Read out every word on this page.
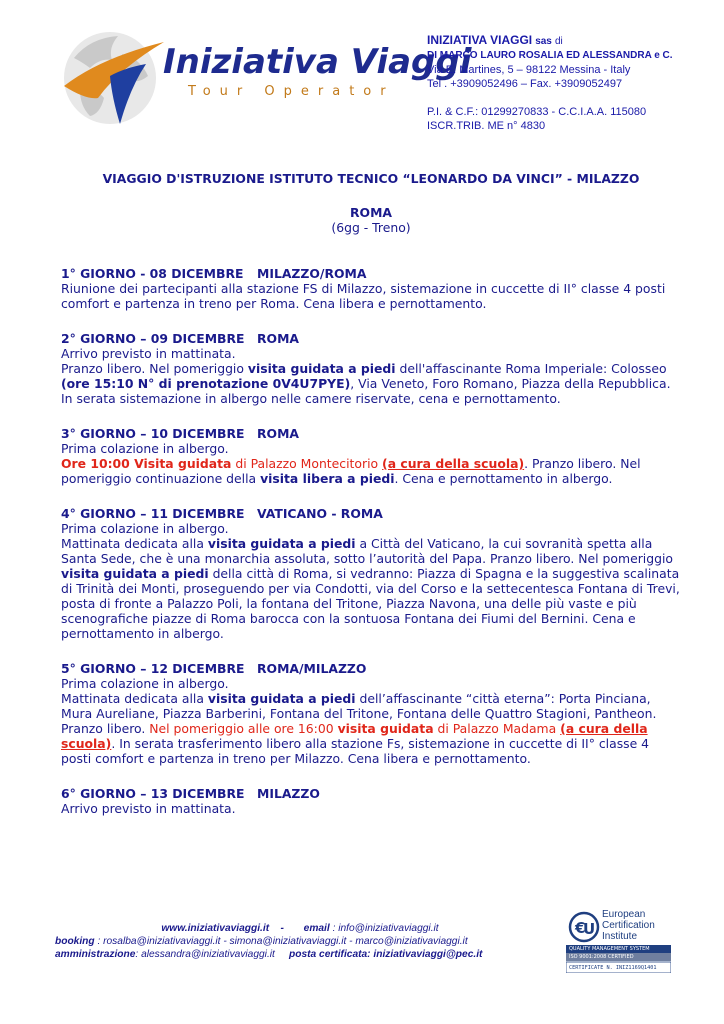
Iniziativa Viaggi
Tour Operator
INIZIATIVA VIAGGI sas di
DI MARCO LAURO ROSALIA ED ALESSANDRA e C.
Via E. Martines, 5 – 98122 Messina - Italy
Tel . +3909052496 – Fax. +3909052497
P.I. & C.F.: 01299270833 - C.C.I.A.A. 115080
ISCR.TRIB. ME n° 4830
VIAGGIO D'ISTRUZIONE ISTITUTO TECNICO “LEONARDO DA VINCI” - MILAZZO
ROMA
(6gg - Treno)
1° GIORNO - 08 DICEMBRE MILAZZO/ROMA
Riunione dei partecipanti alla stazione FS di Milazzo, sistemazione in cuccette di II° classe 4 posti comfort e partenza in treno per Roma. Cena libera e pernottamento.
2° GIORNO – 09 DICEMBRE ROMA
Arrivo previsto in mattinata.
Pranzo libero. Nel pomeriggio visita guidata a piedi dell'affascinante Roma Imperiale: Colosseo (ore 15:10 N° di prenotazione 0V4U7PYE), Via Veneto, Foro Romano, Piazza della Repubblica. In serata sistemazione in albergo nelle camere riservate, cena e pernottamento.
3° GIORNO – 10 DICEMBRE ROMA
Prima colazione in albergo.
Ore 10:00 Visita guidata di Palazzo Montecitorio (a cura della scuola). Pranzo libero. Nel pomeriggio continuazione della visita libera a piedi. Cena e pernottamento in albergo.
4° GIORNO – 11 DICEMBRE VATICANO - ROMA
Prima colazione in albergo.
Mattinata dedicata alla visita guidata a piedi a Città del Vaticano, la cui sovranità spetta alla Santa Sede, che è una monarchia assoluta, sotto l’autorità del Papa. Pranzo libero. Nel pomeriggio visita guidata a piedi della città di Roma, si vedranno: Piazza di Spagna e la suggestiva scalinata di Trinità dei Monti, proseguendo per via Condotti, via del Corso e la settecentesca Fontana di Trevi, posta di fronte a Palazzo Poli, la fontana del Tritone, Piazza Navona, una delle più vaste e più scenografiche piazze di Roma barocca con la sontuosa Fontana dei Fiumi del Bernini. Cena e pernottamento in albergo.
5° GIORNO – 12 DICEMBRE ROMA/MILAZZO
Prima colazione in albergo.
Mattinata dedicata alla visita guidata a piedi dell’affascinante “città eterna”: Porta Pinciana, Mura Aureliane, Piazza Barberini, Fontana del Tritone, Fontana delle Quattro Stagioni, Pantheon. Pranzo libero. Nel pomeriggio alle ore 16:00 visita guidata di Palazzo Madama (a cura della scuola). In serata trasferimento libero alla stazione Fs, sistemazione in cuccette di II° classe 4 posti comfort e partenza in treno per Milazzo. Cena libera e pernottamento.
6° GIORNO – 13 DICEMBRE MILAZZO
Arrivo previsto in mattinata.
www.iniziativaviaggi.it - email : info@iniziativaviaggi.it
booking : rosalba@iniziativaviaggi.it - simona@iniziativaviaggi.it - marco@iniziativaviaggi.it
amministrazione: alessandra@iniziativaviaggi.it posta certificata: iniziativaviaggi@pec.it
€
U
European
Certification
Institute
QUALITY MANAGEMENT SYSTEM
ISO 9001:2008 CERTIFIED
CERTIFICATE N. INIZ1169Q1401
